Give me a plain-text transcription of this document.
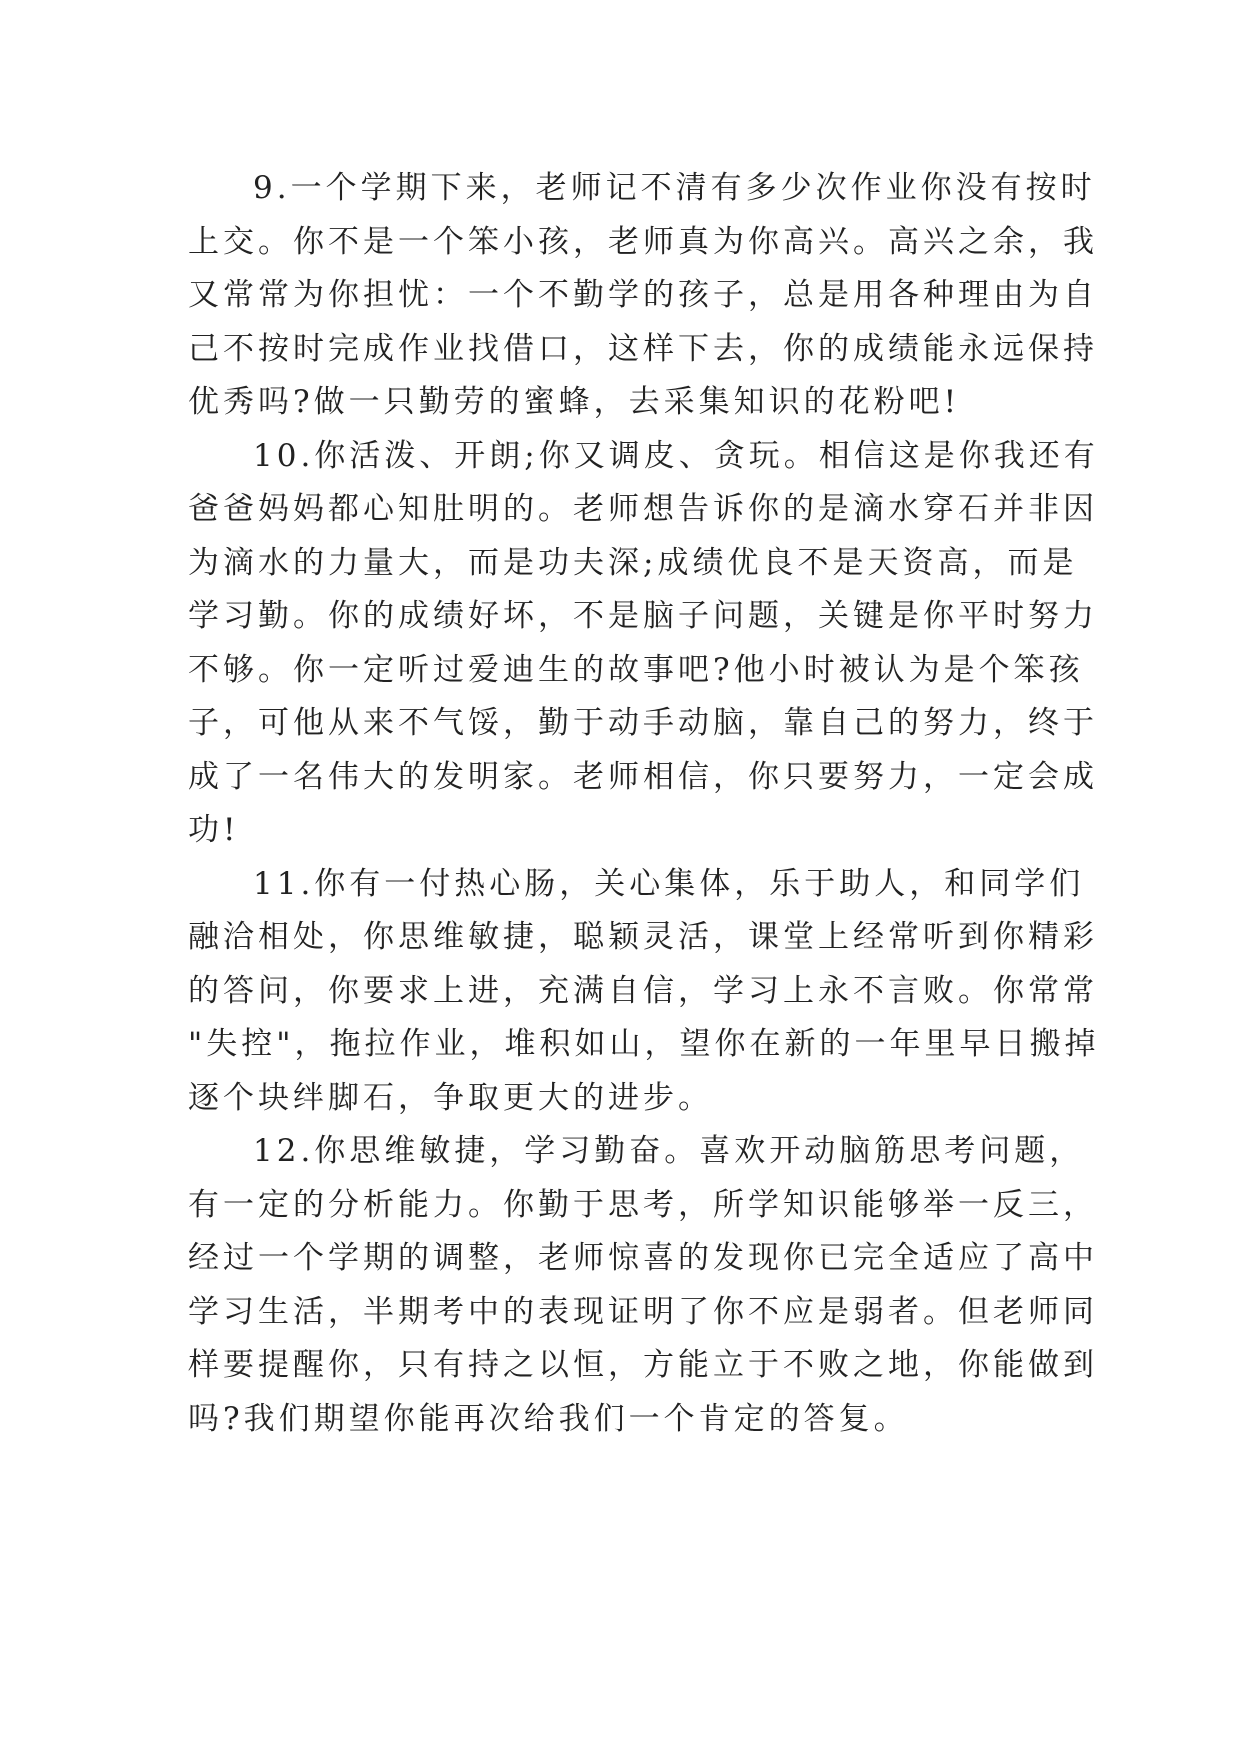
9.一个学期下来，老师记不清有多少次作业你没有按时
上交。你不是一个笨小孩，老师真为你高兴。高兴之余，我
又常常为你担忧：一个不勤学的孩子，总是用各种理由为自
己不按时完成作业找借口，这样下去，你的成绩能永远保持
优秀吗?做一只勤劳的蜜蜂，去采集知识的花粉吧!
10.你活泼、开朗;你又调皮、贪玩。相信这是你我还有
爸爸妈妈都心知肚明的。老师想告诉你的是滴水穿石并非因
为滴水的力量大，而是功夫深;成绩优良不是天资高，而是
学习勤。你的成绩好坏，不是脑子问题，关键是你平时努力
不够。你一定听过爱迪生的故事吧?他小时被认为是个笨孩
子，可他从来不气馁，勤于动手动脑，靠自己的努力，终于
成了一名伟大的发明家。老师相信，你只要努力，一定会成
功!
11.你有一付热心肠，关心集体，乐于助人，和同学们
融洽相处，你思维敏捷，聪颖灵活，课堂上经常听到你精彩
的答问，你要求上进，充满自信，学习上永不言败。你常常
"失控"，拖拉作业，堆积如山，望你在新的一年里早日搬掉
逐个块绊脚石，争取更大的进步。
12.你思维敏捷，学习勤奋。喜欢开动脑筋思考问题，
有一定的分析能力。你勤于思考，所学知识能够举一反三，
经过一个学期的调整，老师惊喜的发现你已完全适应了高中
学习生活，半期考中的表现证明了你不应是弱者。但老师同
样要提醒你，只有持之以恒，方能立于不败之地，你能做到
吗?我们期望你能再次给我们一个肯定的答复。
